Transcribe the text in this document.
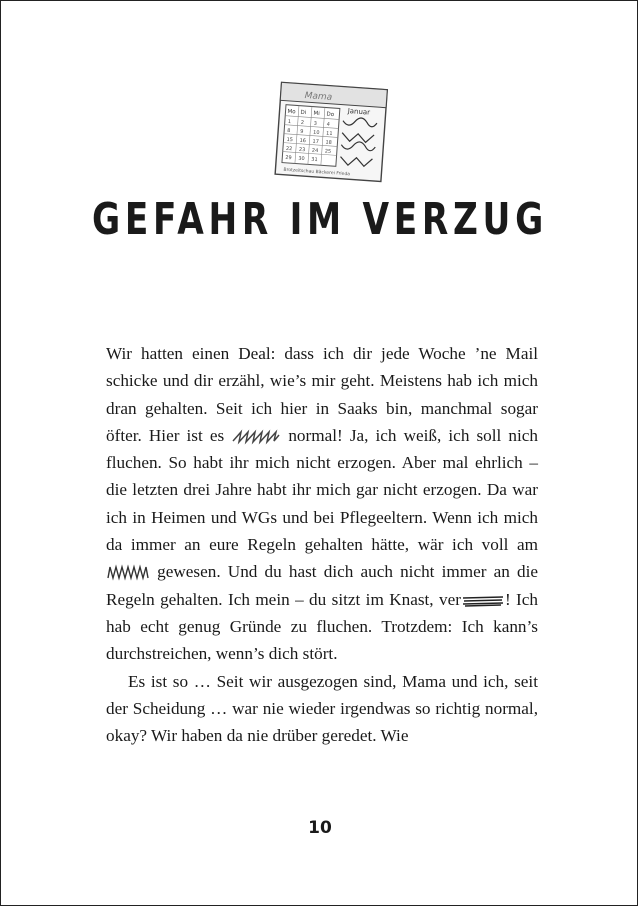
Mama
Januar
Mo Di Mi Do
1 2 3 4
8 9 10 11
15 16 17 18
22 23 24 25
29 30 31
Brotzeitschau Bäckerei Frieda
GEFAHR IM VERZUG

Wir hatten einen Deal: dass ich dir jede Woche ’ne Mail schicke und dir erzähl, wie’s mir geht. Meistens hab ich mich dran gehalten. Seit ich hier in Saaks bin, manchmal sogar öfter. Hier ist es	normal! Ja, ich weiß, ich soll nich fluchen. So habt ihr mich nicht erzogen. Aber mal ehrlich – die letzten drei Jahre habt ihr mich gar nicht erzogen. Da war ich in Heimen und WGs und bei Pflegeeltern. Wenn ich mich da immer an eure Regeln gehalten hätte, wär ich voll am  gewesen. Und du hast dich auch nicht immer an die Regeln gehalten. Ich mein – du sitzt im Knast, ver	! Ich hab echt genug Gründe zu fluchen. Trotzdem: Ich kann’s durchstreichen, wenn’s dich stört.

Es ist so … Seit wir ausgezogen sind, Mama und ich, seit der Scheidung … war nie wieder irgendwas so richtig normal, okay? Wir haben da nie drüber geredet. Wie

10
